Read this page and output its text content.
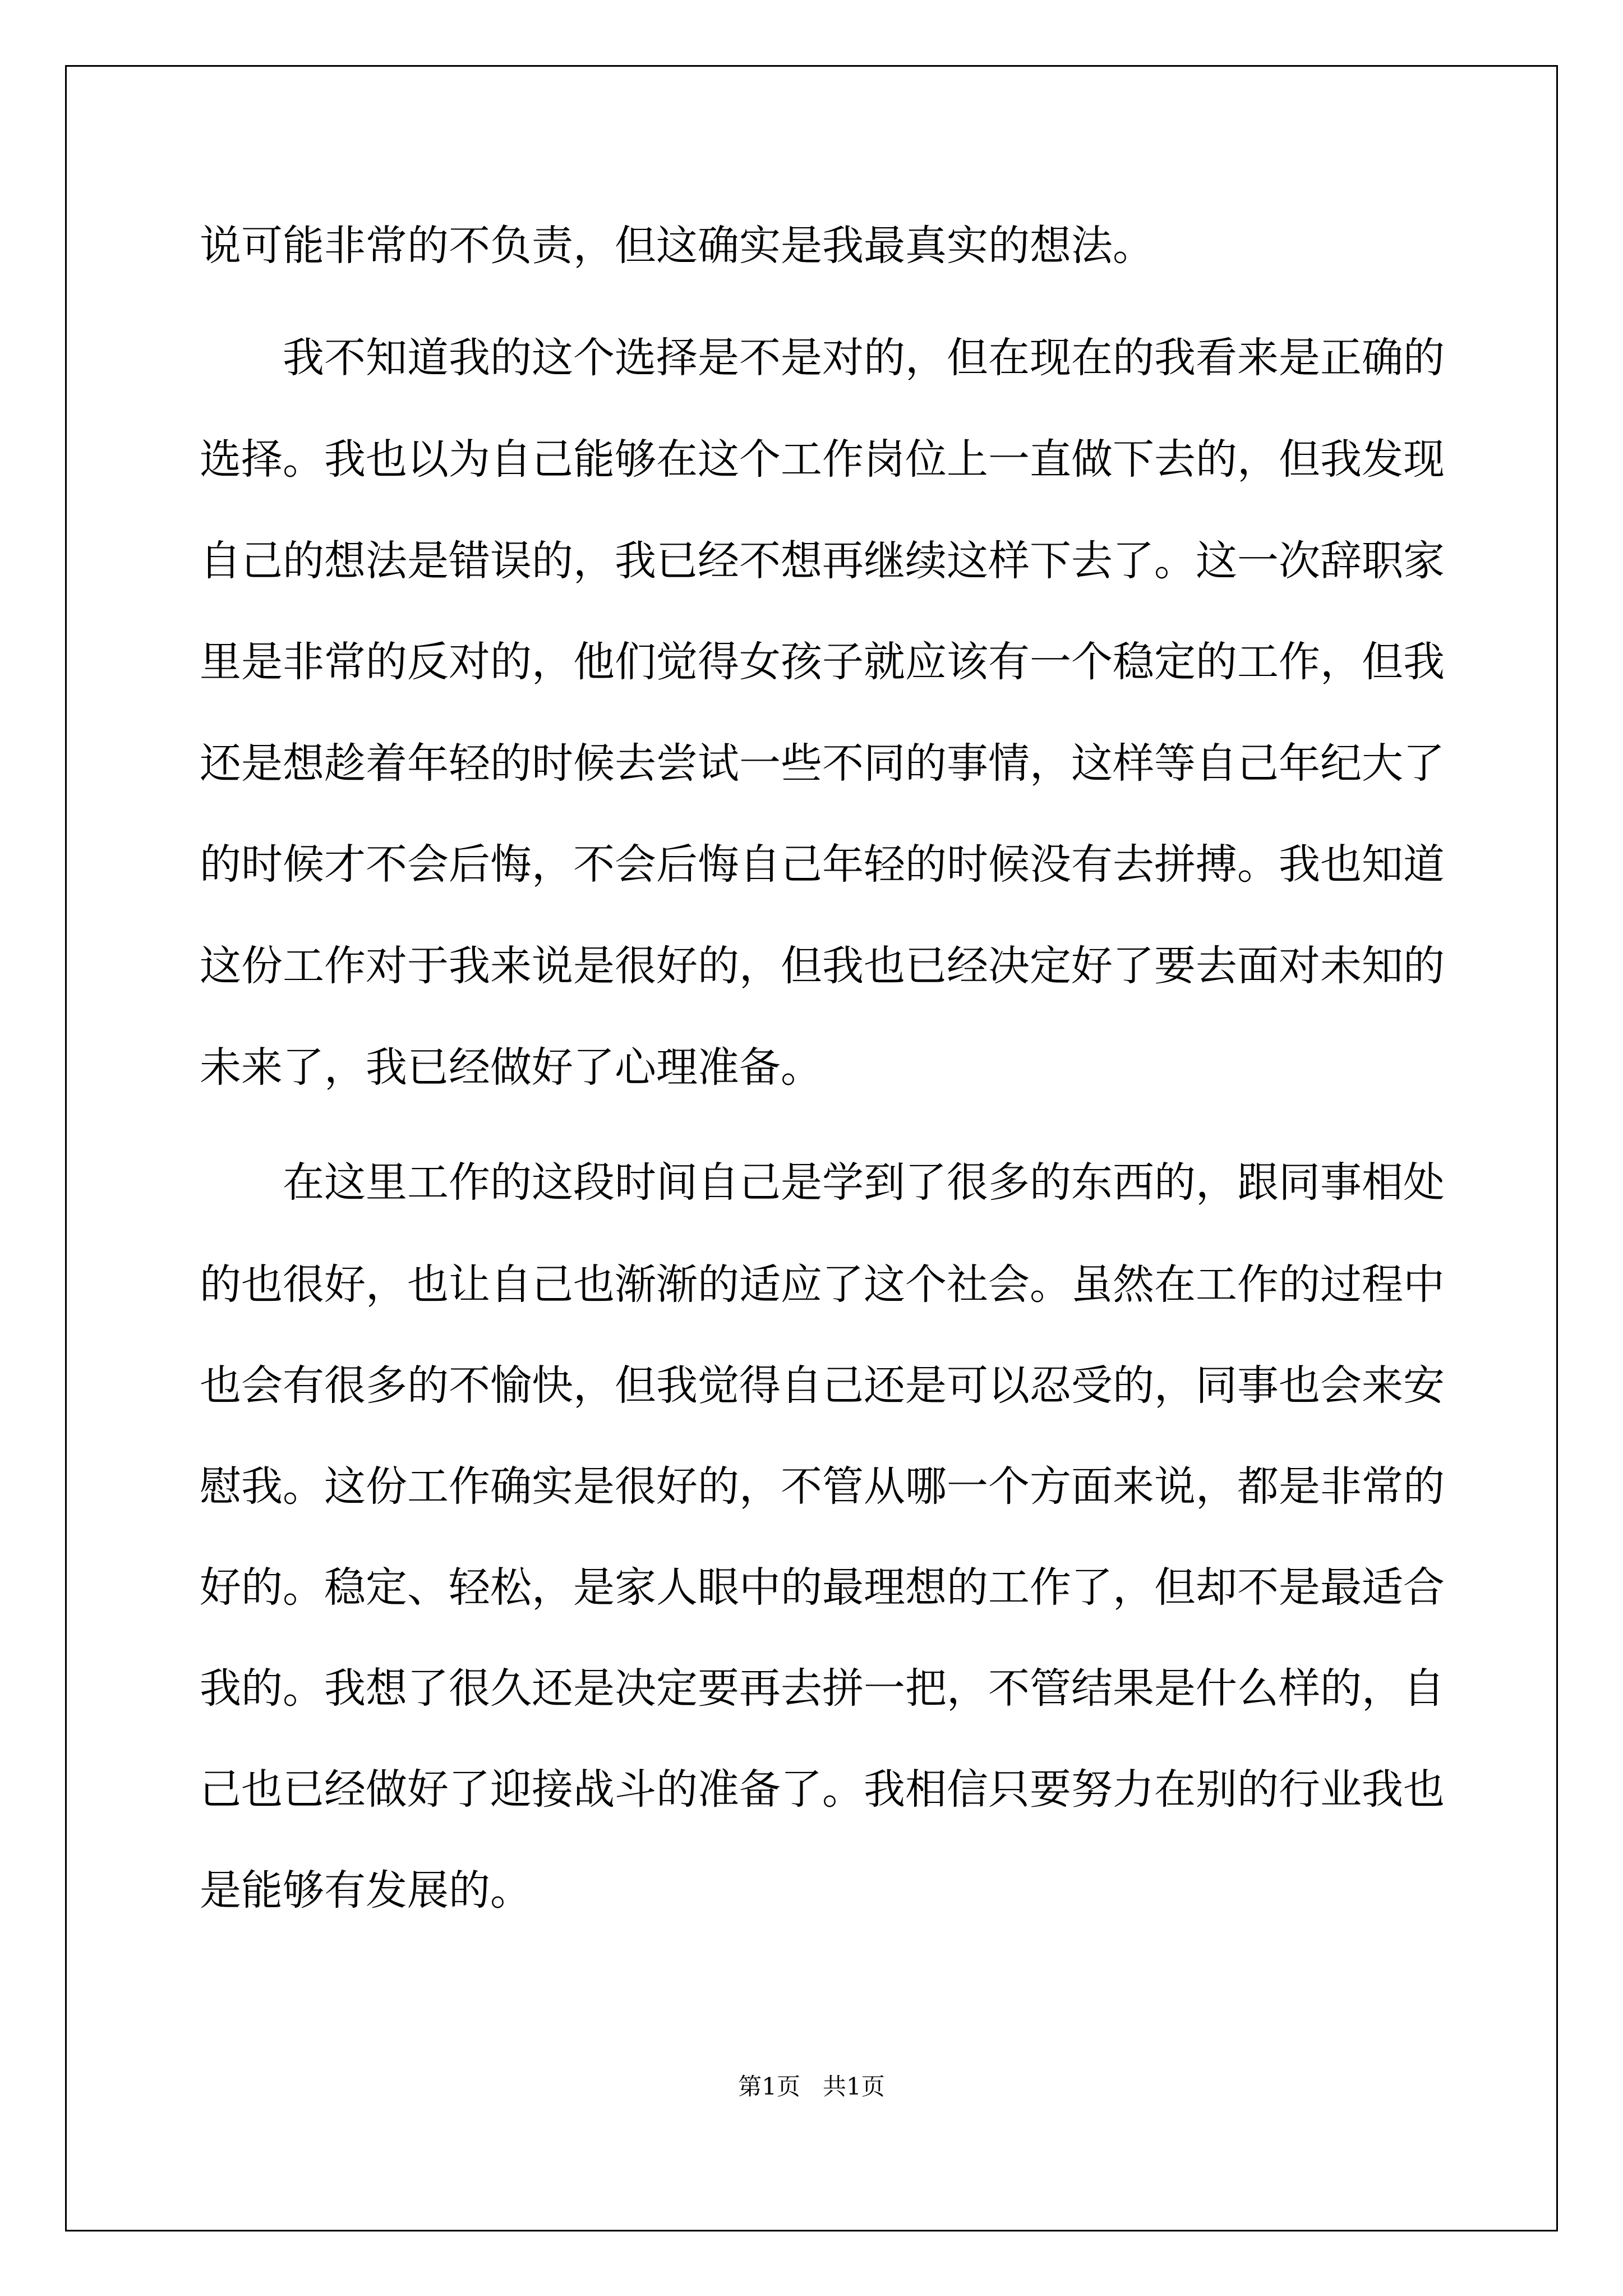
说可能非常的不负责，但这确实是我最真实的想法。
我不知道我的这个选择是不是对的，但在现在的我看来是正确的
选择。我也以为自己能够在这个工作岗位上一直做下去的，但我发现
自己的想法是错误的，我已经不想再继续这样下去了。这一次辞职家
里是非常的反对的，他们觉得女孩子就应该有一个稳定的工作，但我
还是想趁着年轻的时候去尝试一些不同的事情，这样等自己年纪大了
的时候才不会后悔，不会后悔自己年轻的时候没有去拼搏。我也知道
这份工作对于我来说是很好的，但我也已经决定好了要去面对未知的
未来了，我已经做好了心理准备。
在这里工作的这段时间自己是学到了很多的东西的，跟同事相处
的也很好，也让自己也渐渐的适应了这个社会。虽然在工作的过程中
也会有很多的不愉快，但我觉得自己还是可以忍受的，同事也会来安
慰我。这份工作确实是很好的，不管从哪一个方面来说，都是非常的
好的。稳定、轻松，是家人眼中的最理想的工作了，但却不是最适合
我的。我想了很久还是决定要再去拼一把，不管结果是什么样的，自
己也已经做好了迎接战斗的准备了。我相信只要努力在别的行业我也
是能够有发展的。
第1页   共1页
